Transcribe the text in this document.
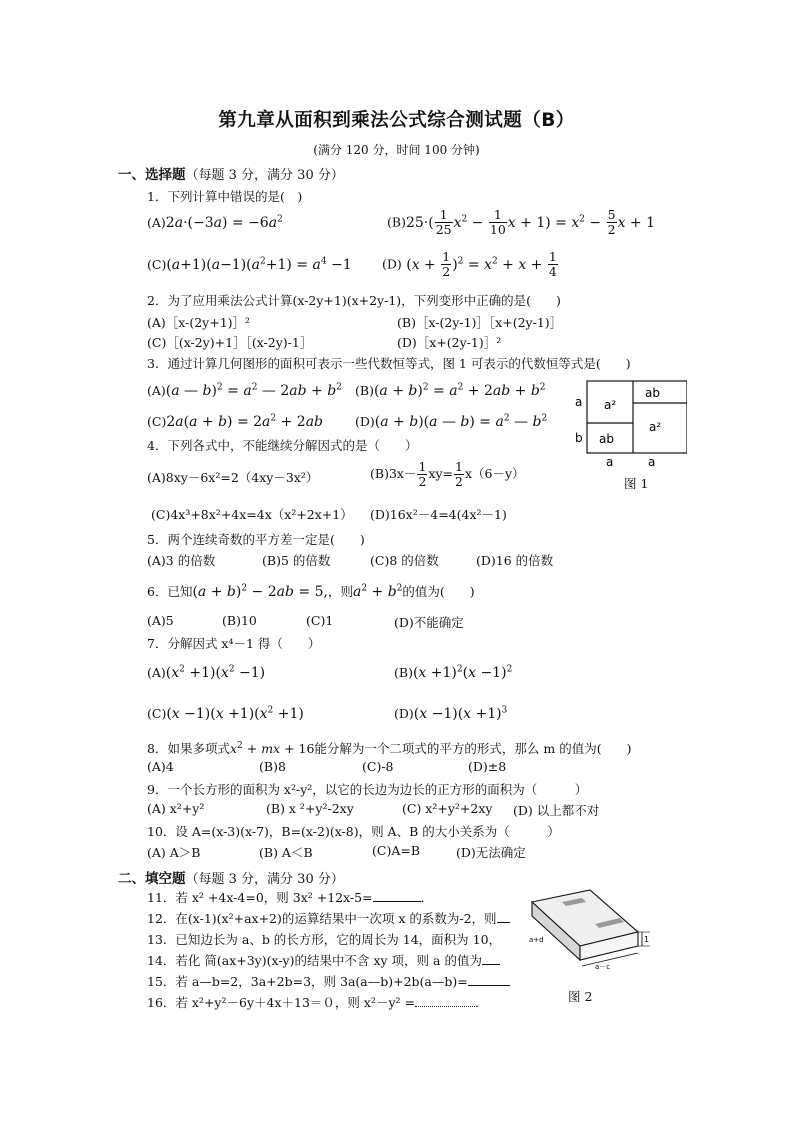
第九章从面积到乘法公式综合测试题（B）
(满分 120 分，时间 100 分钟)
一、选择题（每题 3 分，满分 30 分）
1．下列计算中错误的是(　)
$(A)2a\cdot(-3a) = -6a^2$	$(B)25\cdot( \frac{1}{25} x^2 - \frac{1}{10}$ $x + 1) = x^2 - \frac{5}{2}$ x + 1
$(C)(a+1)(a-1)(a^2+1) = a^4 -1$ (D) $(x + \frac{1}{2} )^2 = x^2 + x + \frac{1}{4}$
2．为了应用乘法公式计算(x-2y+1)(x+2y-1)，下列变形中正确的是(　　)
(A)［x-(2y+1)］²	(B)［x-(2y-1)］［x+(2y-1)］
(C)［(x-2y)+1］［(x-2y)-1］	(D)［x+(2y-1)］²
3．通过计算几何图形的面积可表示一些代数恒等式，图 1 可表示的代数恒等式是(　　)
(A)(a — $b)^2 = a^2$ — $2ab + b^2$ $(B)(a + b)^2 = a^2 + 2ab + b^2$
$(C)2a(a + b) = 2a^2 + 2ab$	(D)(a + b)(a — $b) = a^2$ — $b^2$
a²
ab
ab
a²
a
b
a	a
图 1
4．下列各式中，不能继续分解因式的是（　　）
(A)8xy－6x²=2（4xy－3x²）	$(B)3x- \frac{1}{2} xy= \frac{1}{2} x(6-y)$
(C)4x³+8x²+4x=4x（x²+2x+1） (D)16x²－4=4(4x²－1)
5．两个连续奇数的平方差一定是(　　)
(A)3 的倍数	(B)5 的倍数	(C)8 的倍数	(D)16 的倍数
6．已知$(a + b)^2 - 2ab = 5$,，则$a^2 + b^2$的值为(　　)
(A)5	(B)10	(C)1	(D)不能确定
7．分解因式 x⁴－1 得（　　）
$(A)(x^2 +1)(x^2 -1)$	$(B)(x +1)^2(x -1)^2$
$(C)(x -1)(x +1)(x^2 +1)$	$(D)(x -1)(x +1)^3$
8．如果多项式$x^2$ + mx + 16能分解为一个二项式的平方的形式，那么 m 的值为(　　)
(A)4	(B)8	(C)-8	(D)±8
9．一个长方形的面积为 x²-y²，以它的长边为边长的正方形的面积为（　　　）
(A) x²+y²	(B) x ²+y²-2xy	(C) x²+y²+2xy (D) 以上都不对
10．设 A=(x-3)(x-7)，B=(x-2)(x-8)，则 A、B 的大小关系为（　　　）
(A) A＞B	(B) A＜B	(C)A=B	(D)无法确定
二、填空题（每题 3 分，满分 30 分）
11．若 x² +4x-4=0，则 3x² +12x-5=	．
12．在(x-1)(x²+ax+2)的运算结果中一次项 x 的系数为-2，则
13．已知边长为 a、b 的长方形，它的周长为 14，面积为 10，
14．若化 简(ax+3y)(x-y)的结果中不含 xy 项，则 a 的值为
15．若 a—b=2，3a+2b=3，则 3a(a—b)+2b(a—b)=
16．若 x²+y²－6y＋4x＋13＝０，则 x²－y² =	．
1
a－c
a+d
图 2
